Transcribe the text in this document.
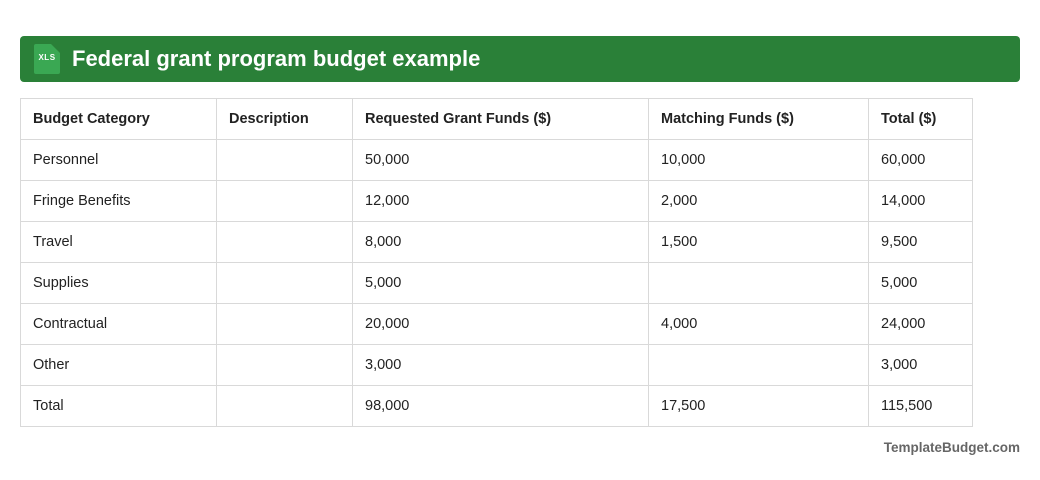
XLS Federal grant program budget example
Budget Category	Description	Requested Grant Funds ($)	Matching Funds ($)	Total ($)
Personnel		50,000	10,000	60,000
Fringe Benefits		12,000	2,000	14,000
Travel		8,000	1,500	9,500
Supplies		5,000		5,000
Contractual		20,000	4,000	24,000
Other		3,000		3,000
Total		98,000	17,500	115,500
TemplateBudget.com
